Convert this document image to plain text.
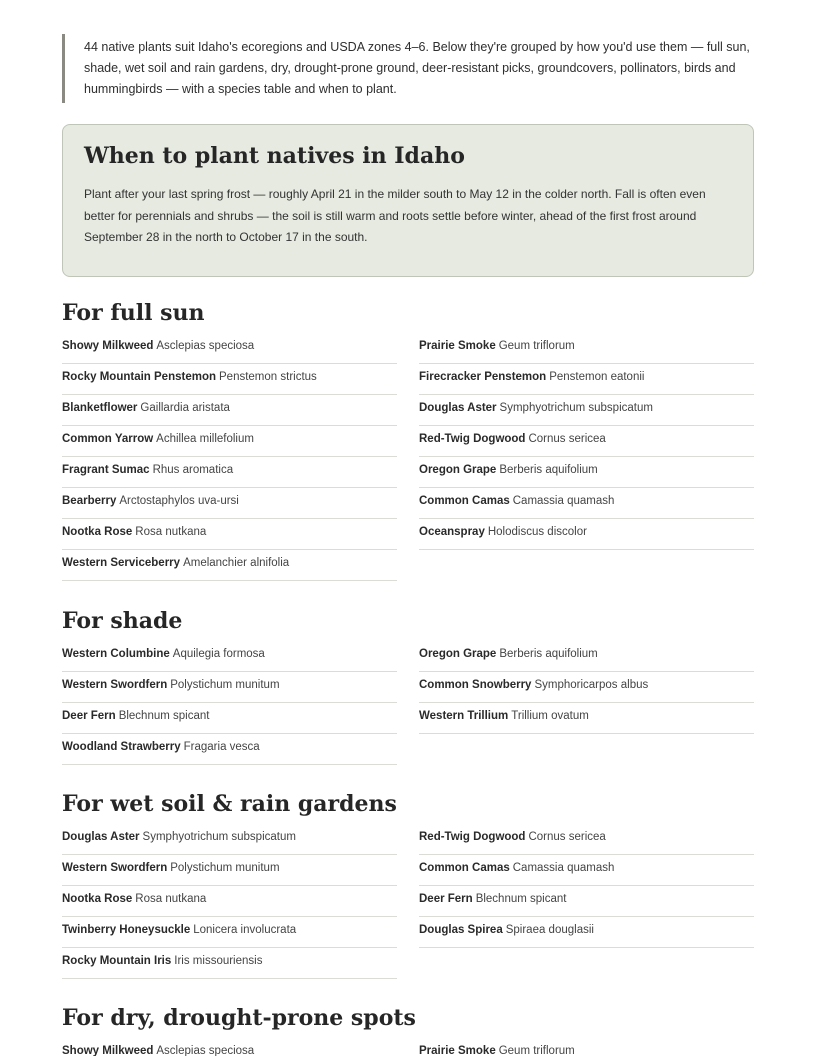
44 native plants suit Idaho's ecoregions and USDA zones 4–6. Below they're grouped by how you'd use them — full sun, shade, wet soil and rain gardens, dry, drought-prone ground, deer-resistant picks, groundcovers, pollinators, birds and hummingbirds — with a species table and when to plant.
When to plant natives in Idaho

Plant after your last spring frost — roughly April 21 in the milder south to May 12 in the colder north. Fall is often even better for perennials and shrubs — the soil is still warm and roots settle before winter, ahead of the first frost around September 28 in the north to October 17 in the south.

For full sun
Showy Milkweed Asclepias speciosa
Rocky Mountain Penstemon Penstemon strictus
Blanketflower Gaillardia aristata
Common Yarrow Achillea millefolium
Fragrant Sumac Rhus aromatica
Bearberry Arctostaphylos uva-ursi
Nootka Rose Rosa nutkana
Western Serviceberry Amelanchier alnifolia
Prairie Smoke Geum triflorum
Firecracker Penstemon Penstemon eatonii
Douglas Aster Symphyotrichum subspicatum
Red-Twig Dogwood Cornus sericea
Oregon Grape Berberis aquifolium
Common Camas Camassia quamash
Oceanspray Holodiscus discolor
For shade
Western Columbine Aquilegia formosa
Western Swordfern Polystichum munitum
Deer Fern Blechnum spicant
Woodland Strawberry Fragaria vesca
Oregon Grape Berberis aquifolium
Common Snowberry Symphoricarpos albus
Western Trillium Trillium ovatum
For wet soil & rain gardens
Douglas Aster Symphyotrichum subspicatum
Western Swordfern Polystichum munitum
Nootka Rose Rosa nutkana
Twinberry Honeysuckle Lonicera involucrata
Rocky Mountain Iris Iris missouriensis
Red-Twig Dogwood Cornus sericea
Common Camas Camassia quamash
Deer Fern Blechnum spicant
Douglas Spirea Spiraea douglasii
For dry, drought-prone spots
Showy Milkweed Asclepias speciosa	Prairie Smoke Geum triflorum
